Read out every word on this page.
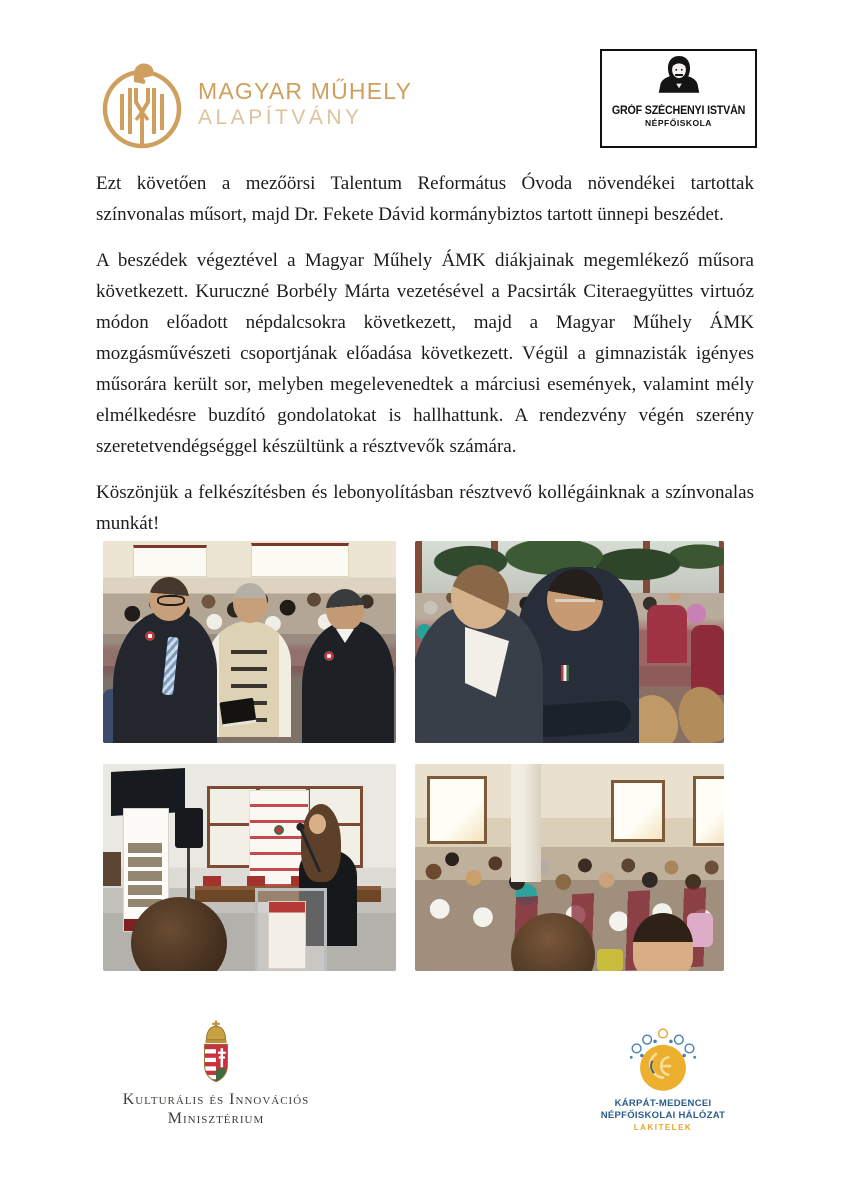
MAGYAR MŰHELY
ALAPÍTVÁNY	GRÓF SZÉCHENYI ISTVÁN
NÉPFŐISKOLA

Ezt követően a mezőörsi Talentum Református Óvoda növendékei tartottak színvonalas műsort, majd Dr. Fekete Dávid kormánybiztos tartott ünnepi beszédet.

A beszédek végeztével a Magyar Műhely ÁMK diákjainak megemlékező műsora következett. Kuruczné Borbély Márta vezetésével a Pacsirták Citeraegyüttes virtuóz módon előadott népdalcsokra következett, majd a Magyar Műhely ÁMK mozgásművészeti csoportjának előadása következett. Végül a gimnazisták igényes műsorára került sor, melyben megelevenedtek a márciusi események, valamint mély elmélkedésre buzdító gondolatokat is hallhattunk. A rendezvény végén szerény szeretetvendégséggel készültünk a résztvevők számára.

Köszönjük a felkészítésben és lebonyolításban résztvevő kollégáinknak a színvonalas munkát!

Kulturális és Innovációs
Minisztérium
KÁRPÁT-MEDENCEI
NÉPFŐISKOLAI HÁLÓZAT
LAKITELEK
